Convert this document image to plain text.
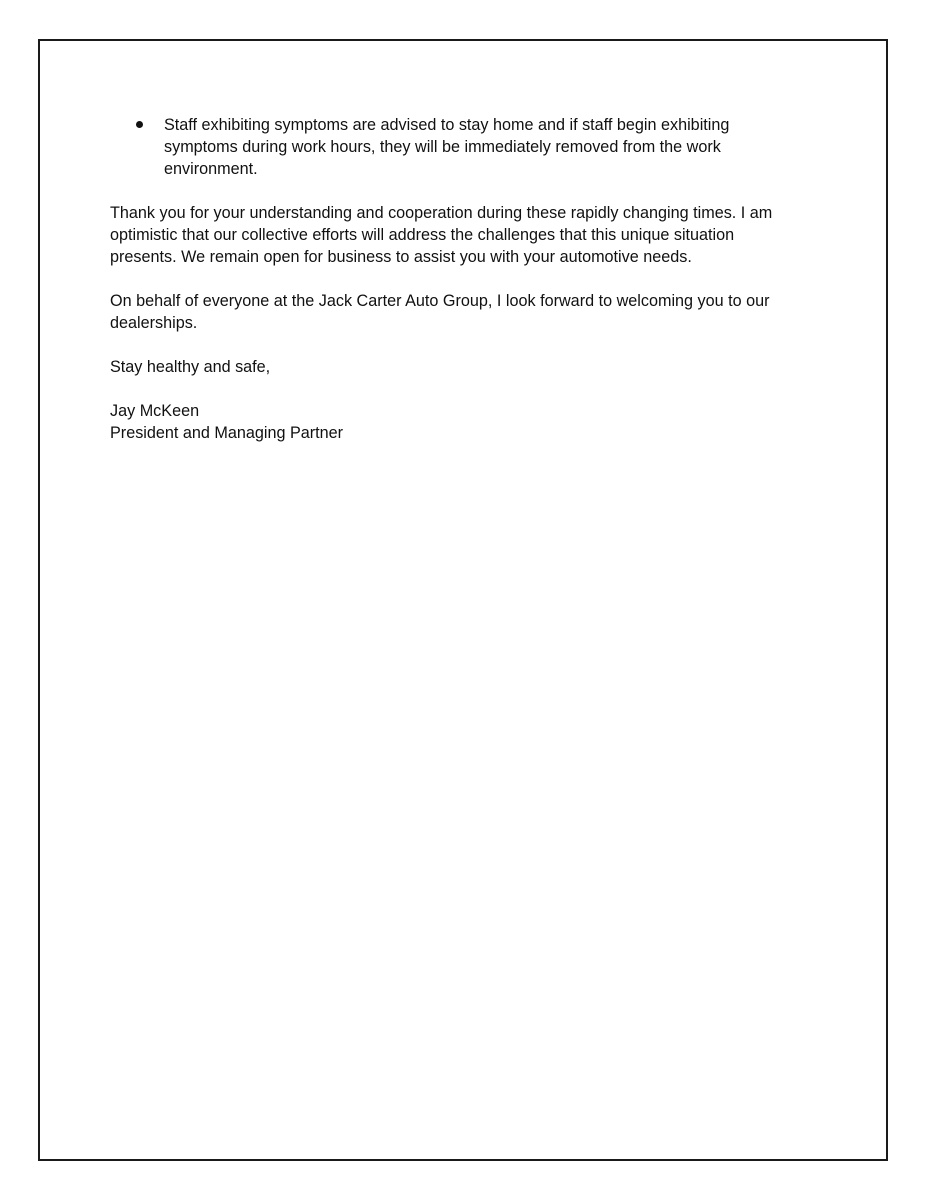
Staff exhibiting symptoms are advised to stay home and if staff begin exhibiting
symptoms during work hours, they will be immediately removed from the work
environment.

Thank you for your understanding and cooperation during these rapidly changing times. I am
optimistic that our collective efforts will address the challenges that this unique situation
presents. We remain open for business to assist you with your automotive needs.

On behalf of everyone at the Jack Carter Auto Group, I look forward to welcoming you to our
dealerships.

Stay healthy and safe,

Jay McKeen
President and Managing Partner
